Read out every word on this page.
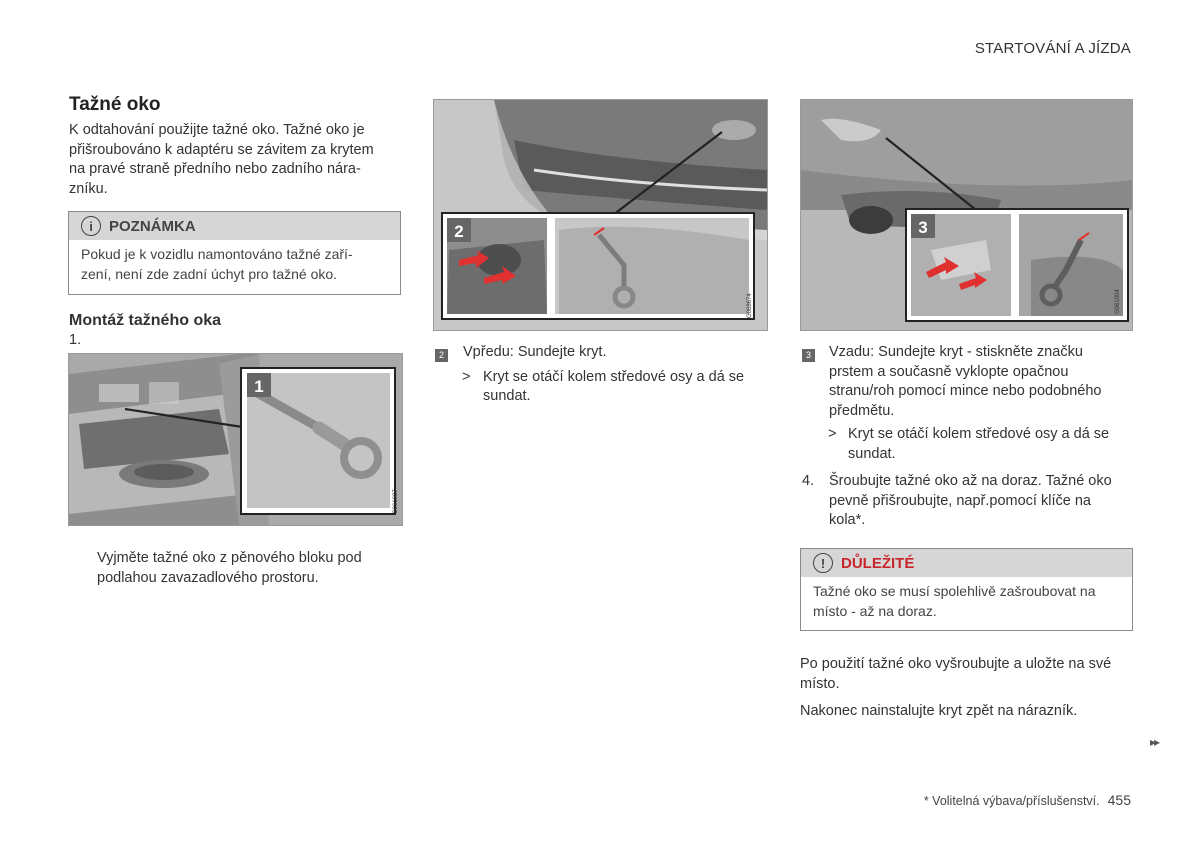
STARTOVÁNÍ A JÍZDA
Tažné oko
K odtahování použijte tažné oko. Tažné oko je
přišroubováno k adaptéru se závitem za krytem
na pravé straně předního nebo zadního nára-
zníku.
i	POZNÁMKA
Pokud je k vozidlu namontováno tažné zaří-
zení, není zde zadní úchyt pro tažné oko.
Montáž tažného oka
1.
1
G061687
Vyjměte tažné oko z pěnového bloku pod
podlahou zavazadlového prostoru.
2
G068674
2 Vpředu: Sundejte kryt.
> Kryt se otáčí kolem středové osy a dá se
sundat.
3
G061004
3 Vzadu: Sundejte kryt - stiskněte značku
prstem a současně vyklopte opačnou
stranu/roh pomocí mince nebo podobného
předmětu.
> Kryt se otáčí kolem středové osy a dá se
sundat.
4.	Šroubujte tažné oko až na doraz. Tažné oko
pevně přišroubujte, např.pomocí klíče na
kola*.
!	DŮLEŽITÉ
Tažné oko se musí spolehlivě zašroubovat na
místo - až na doraz.
Po použití tažné oko vyšroubujte a uložte na své
místo.
Nakonec nainstalujte kryt zpět na nárazník.
▸▸
* Volitelná výbava/příslušenství. 455
